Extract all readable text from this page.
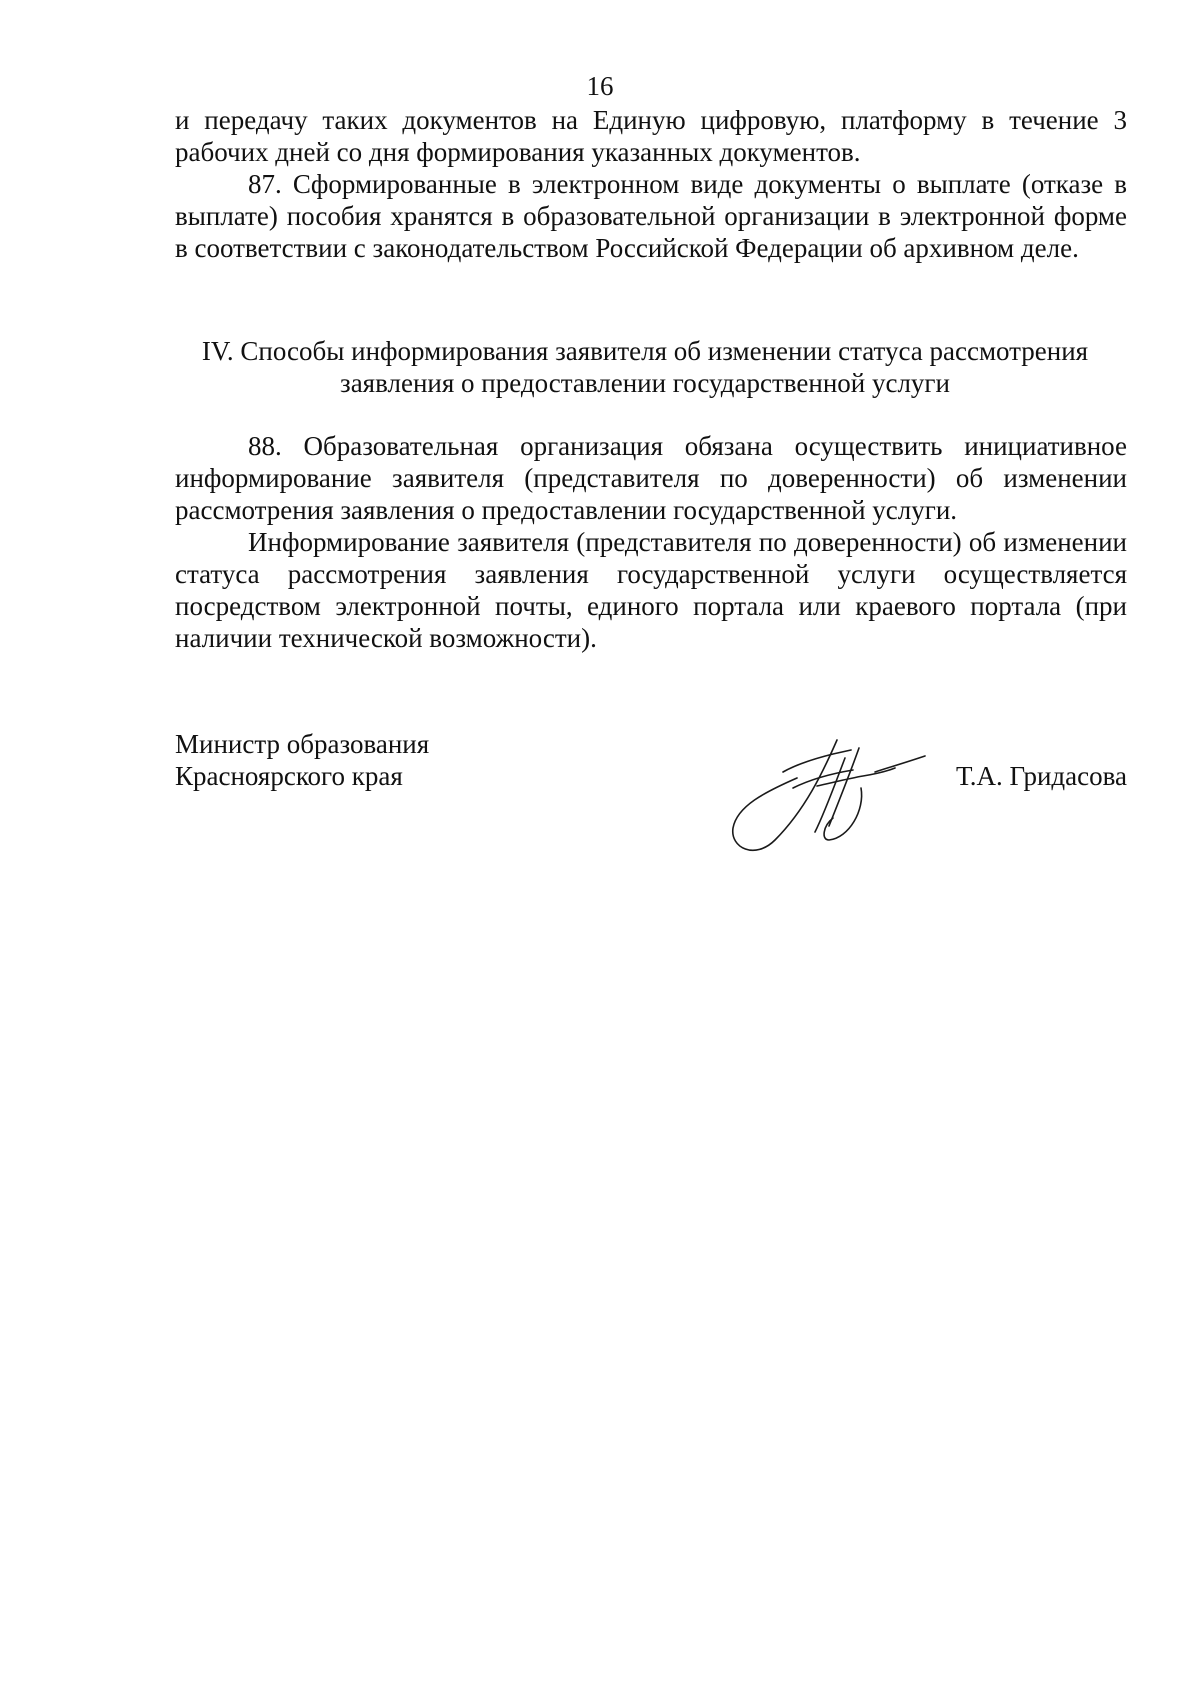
16

и передачу таких документов на Единую цифровую, платформу в течение 3 рабочих дней со дня формирования указанных документов.

87. Сформированные в электронном виде документы о выплате (отказе в выплате) пособия хранятся в образовательной организации в электронной форме в соответствии с законодательством Российской Федерации об архивном деле.

IV. Способы информирования заявителя об изменении статуса рассмотрения
заявления о предоставлении государственной услуги

88. Образовательная организация обязана осуществить инициативное информирование заявителя (представителя по доверенности) об изменении рассмотрения заявления о предоставлении государственной услуги.

Информирование заявителя (представителя по доверенности) об изменении статуса рассмотрения заявления государственной услуги осуществляется посредством электронной почты, единого портала или краевого портала (при наличии технической возможности).

Министр образования
Красноярского края	Т.А. Гридасова
